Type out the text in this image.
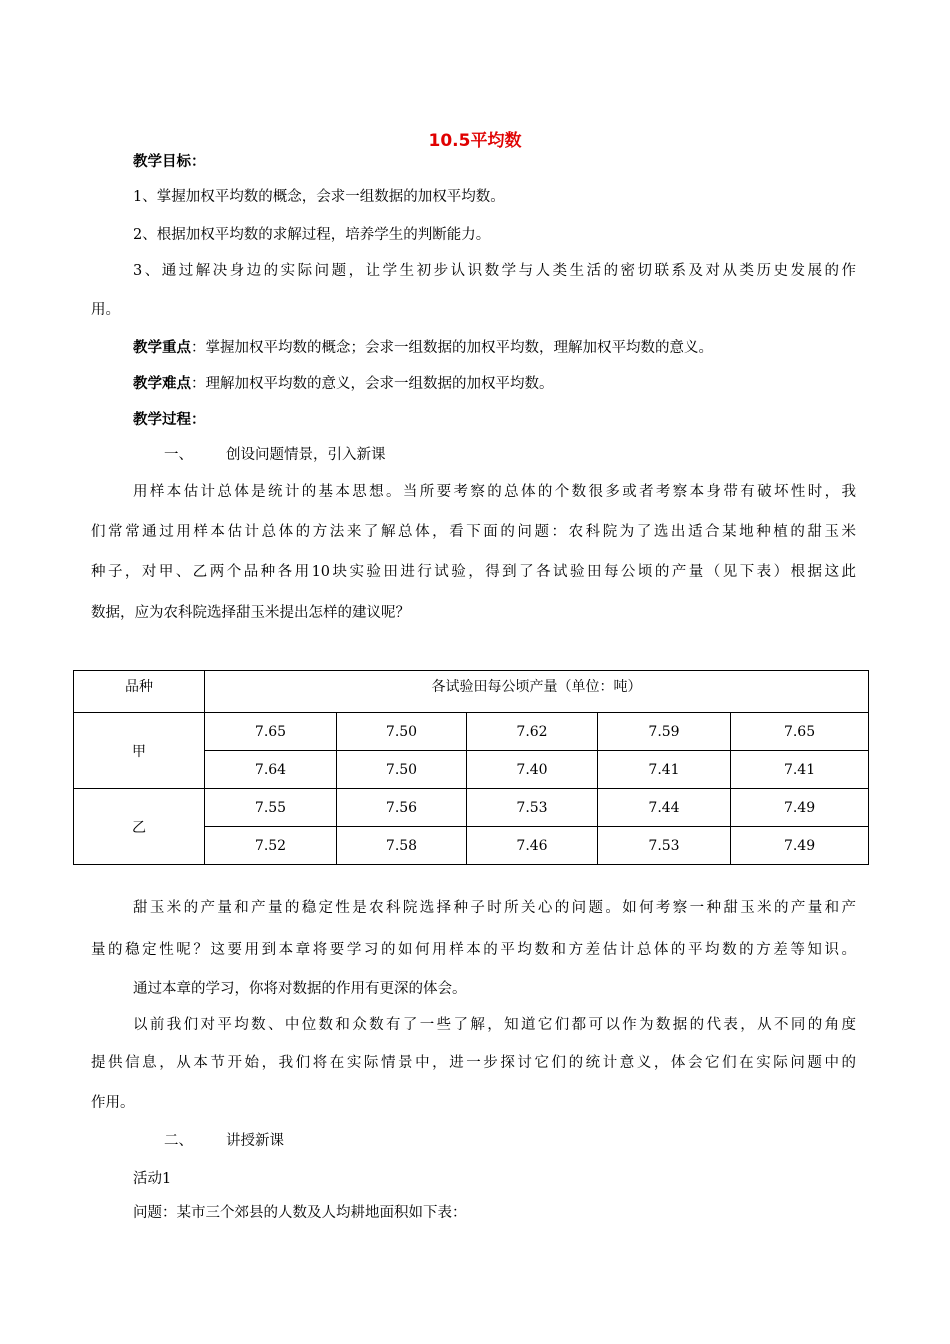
10.5平均数
教学目标：
1、掌握加权平均数的概念，会求一组数据的加权平均数。
2、根据加权平均数的求解过程，培养学生的判断能力。
3、通过解决身边的实际问题，让学生初步认识数学与人类生活的密切联系及对从类历史发展的作
用。
教学重点：掌握加权平均数的概念；会求一组数据的加权平均数，理解加权平均数的意义。
教学难点：理解加权平均数的意义，会求一组数据的加权平均数。
教学过程：
一、 创设问题情景，引入新课
用样本估计总体是统计的基本思想。当所要考察的总体的个数很多或者考察本身带有破坏性时，我
们常常通过用样本估计总体的方法来了解总体，看下面的问题：农科院为了选出适合某地种植的甜玉米
种子，对甲、乙两个品种各用10块实验田进行试验，得到了各试验田每公顷的产量（见下表）根据这此
数据，应为农科院选择甜玉米提出怎样的建议呢？
品种	各试验田每公顷产量（单位：吨）				
甲	7.65	7.50	7.62	7.59	7.65
	7.64	7.50	7.40	7.41	7.41
乙	7.55	7.56	7.53	7.44	7.49
	7.52	7.58	7.46	7.53	7.49
甜玉米的产量和产量的稳定性是农科院选择种子时所关心的问题。如何考察一种甜玉米的产量和产
量的稳定性呢？这要用到本章将要学习的如何用样本的平均数和方差估计总体的平均数的方差等知识。
通过本章的学习，你将对数据的作用有更深的体会。
以前我们对平均数、中位数和众数有了一些了解，知道它们都可以作为数据的代表，从不同的角度
提供信息，从本节开始，我们将在实际情景中，进一步探讨它们的统计意义，体会它们在实际问题中的
作用。
二、 讲授新课
活动1
问题：某市三个郊县的人数及人均耕地面积如下表：
